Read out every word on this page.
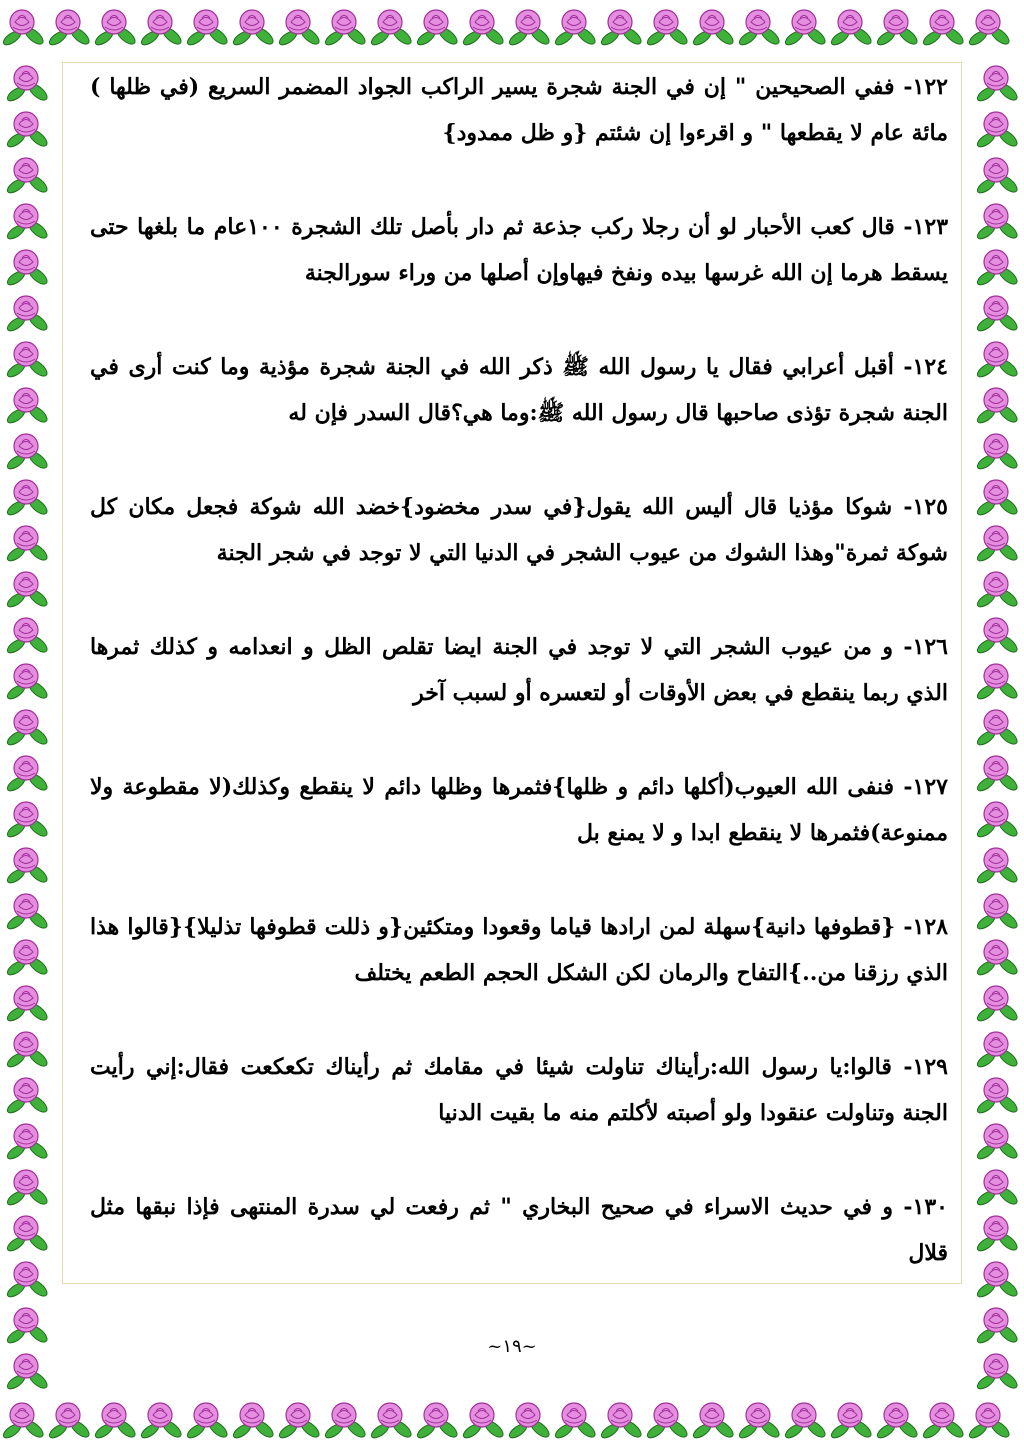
١٢٢- ففي الصحيحين " إن في الجنة شجرة يسير الراكب الجواد المضمر السريع (في ظلها ) مائة عام لا يقطعها " و اقرءوا إن شئتم {و ظل ممدود}

١٢٣- قال كعب الأحبار لو أن رجلا ركب جذعة ثم دار بأصل تلك الشجرة ١٠٠عام ما بلغها حتى يسقط هرما إن الله غرسها بيده ونفخ فيهاوإن أصلها من وراء سورالجنة

١٢٤- أقبل أعرابي فقال يا رسول الله ﷺ ذكر الله في الجنة شجرة مؤذية وما كنت أرى في الجنة شجرة تؤذى صاحبها قال رسول الله ﷺ:وما هي؟قال السدر فإن له

١٢٥- شوكا مؤذيا قال أليس الله يقول{في سدر مخضود}خضد الله شوكة فجعل مكان كل شوكة ثمرة"وهذا الشوك من عيوب الشجر في الدنيا التي لا توجد في شجر الجنة

١٢٦- و من عيوب الشجر التي لا توجد في الجنة ايضا تقلص الظل و انعدامه و كذلك ثمرها الذي ربما ينقطع في بعض الأوقات أو لتعسره أو لسبب آخر

١٢٧- فنفى الله العيوب(أكلها دائم و ظلها}فثمرها وظلها دائم لا ينقطع وكذلك(لا مقطوعة ولا ممنوعة)فثمرها لا ينقطع ابدا و لا يمنع بل

١٢٨- {قطوفها دانية}سهلة لمن ارادها قياما وقعودا ومتكئين{و ذللت قطوفها تذليلا}{قالوا هذا الذي رزقنا من..}التفاح والرمان لكن الشكل الحجم الطعم يختلف

١٢٩- قالوا:يا رسول الله:رأيناك تناولت شيئا في مقامك ثم رأيناك تكعكعت فقال:إني رأيت الجنة وتناولت عنقودا ولو أصبته لأكلتم منه ما بقيت الدنيا

١٣٠- و في حديث الاسراء في صحيح البخاري " ثم رفعت لي سدرة المنتهى فإذا نبقها مثل قلال

~١٩~
